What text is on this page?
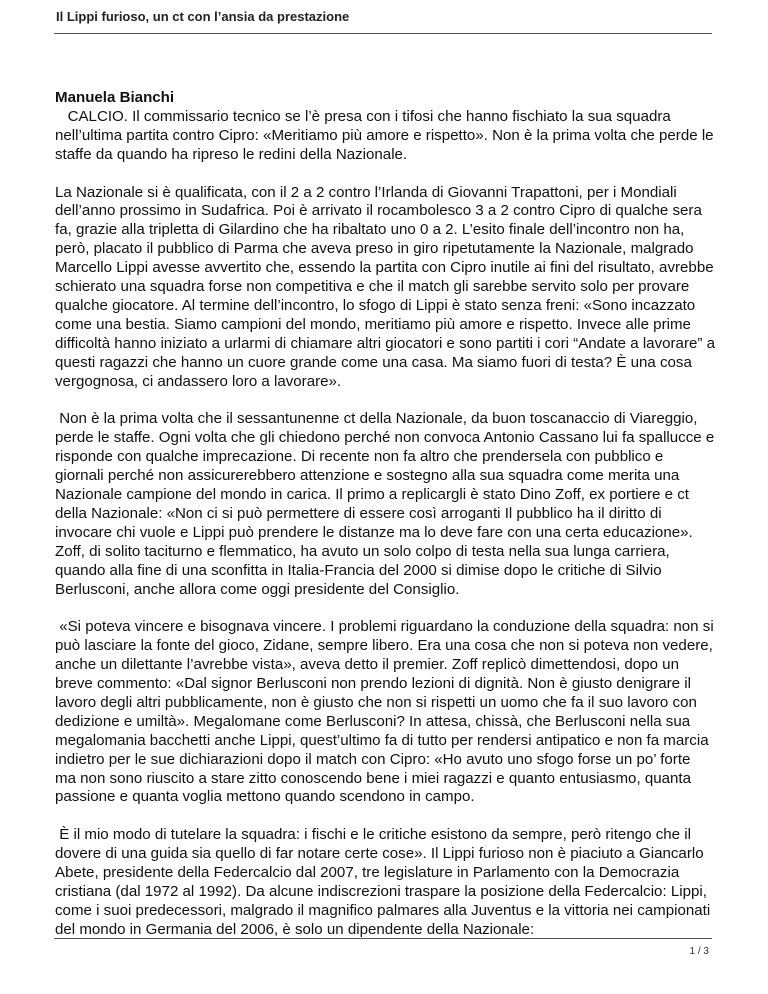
Il Lippi furioso, un ct con l’ansia da prestazione
Manuela Bianchi

CALCIO. Il commissario tecnico se l’è presa con i tifosi che hanno fischiato la sua squadra nell’ultima partita contro Cipro: «Meritiamo più amore e rispetto». Non è la prima volta che perde le staffe da quando ha ripreso le redini della Nazionale.

La Nazionale si è qualificata, con il 2 a 2 contro l’Irlanda di Giovanni Trapattoni, per i Mondiali dell’anno prossimo in Sudafrica. Poi è arrivato il rocambolesco 3 a 2 contro Cipro di qualche sera fa, grazie alla tripletta di Gilardino che ha ribaltato uno 0 a 2. L’esito finale dell’incontro non ha, però, placato il pubblico di Parma che aveva preso in giro ripetutamente la Nazionale, malgrado Marcello Lippi avesse avvertito che, essendo la partita con Cipro inutile ai fini del risultato, avrebbe schierato una squadra forse non competitiva e che il match gli sarebbe servito solo per provare qualche giocatore. Al termine dell’incontro, lo sfogo di Lippi è stato senza freni: «Sono incazzato come una bestia. Siamo campioni del mondo, meritiamo più amore e rispetto. Invece alle prime difficoltà hanno iniziato a urlarmi di chiamare altri giocatori e sono partiti i cori “Andate a lavorare” a questi ragazzi che hanno un cuore grande come una casa. Ma siamo fuori di testa? È una cosa vergognosa, ci andassero loro a lavorare».

Non è la prima volta che il sessantunenne ct della Nazionale, da buon toscanaccio di Viareggio, perde le staffe. Ogni volta che gli chiedono perché non convoca Antonio Cassano lui fa spallucce e risponde con qualche imprecazione. Di recente non fa altro che prendersela con pubblico e giornali perché non assicurerebbero attenzione e sostegno alla sua squadra come merita una Nazionale campione del mondo in carica. Il primo a replicargli è stato Dino Zoff, ex portiere e ct della Nazionale: «Non ci si può permettere di essere così arroganti Il pubblico ha il diritto di invocare chi vuole e Lippi può prendere le distanze ma lo deve fare con una certa educazione». Zoff, di solito taciturno e flemmatico, ha avuto un solo colpo di testa nella sua lunga carriera, quando alla fine di una sconfitta in Italia-Francia del 2000 si dimise dopo le critiche di Silvio Berlusconi, anche allora come oggi presidente del Consiglio.

«Si poteva vincere e bisognava vincere. I problemi riguardano la conduzione della squadra: non si può lasciare la fonte del gioco, Zidane, sempre libero. Era una cosa che non si poteva non vedere, anche un dilettante l’avrebbe vista», aveva detto il premier. Zoff replicò dimettendosi, dopo un breve commento: «Dal signor Berlusconi non prendo lezioni di dignità. Non è giusto denigrare il lavoro degli altri pubblicamente, non è giusto che non si rispetti un uomo che fa il suo lavoro con dedizione e umiltà». Megalomane come Berlusconi? In attesa, chissà, che Berlusconi nella sua megalomania bacchetti anche Lippi, quest’ultimo fa di tutto per rendersi antipatico e non fa marcia indietro per le sue dichiarazioni dopo il match con Cipro: «Ho avuto uno sfogo forse un po’ forte ma non sono riuscito a stare zitto conoscendo bene i miei ragazzi e quanto entusiasmo, quanta passione e quanta voglia mettono quando scendono in campo.

È il mio modo di tutelare la squadra: i fischi e le critiche esistono da sempre, però ritengo che il dovere di una guida sia quello di far notare certe cose». Il Lippi furioso non è piaciuto a Giancarlo Abete, presidente della Federcalcio dal 2007, tre legislature in Parlamento con la Democrazia cristiana (dal 1972 al 1992). Da alcune indiscrezioni traspare la posizione della Federcalcio: Lippi, come i suoi predecessori, malgrado il magnifico palmares alla Juventus e la vittoria nei campionati del mondo in Germania del 2006, è solo un dipendente della Nazionale:

1 / 3
